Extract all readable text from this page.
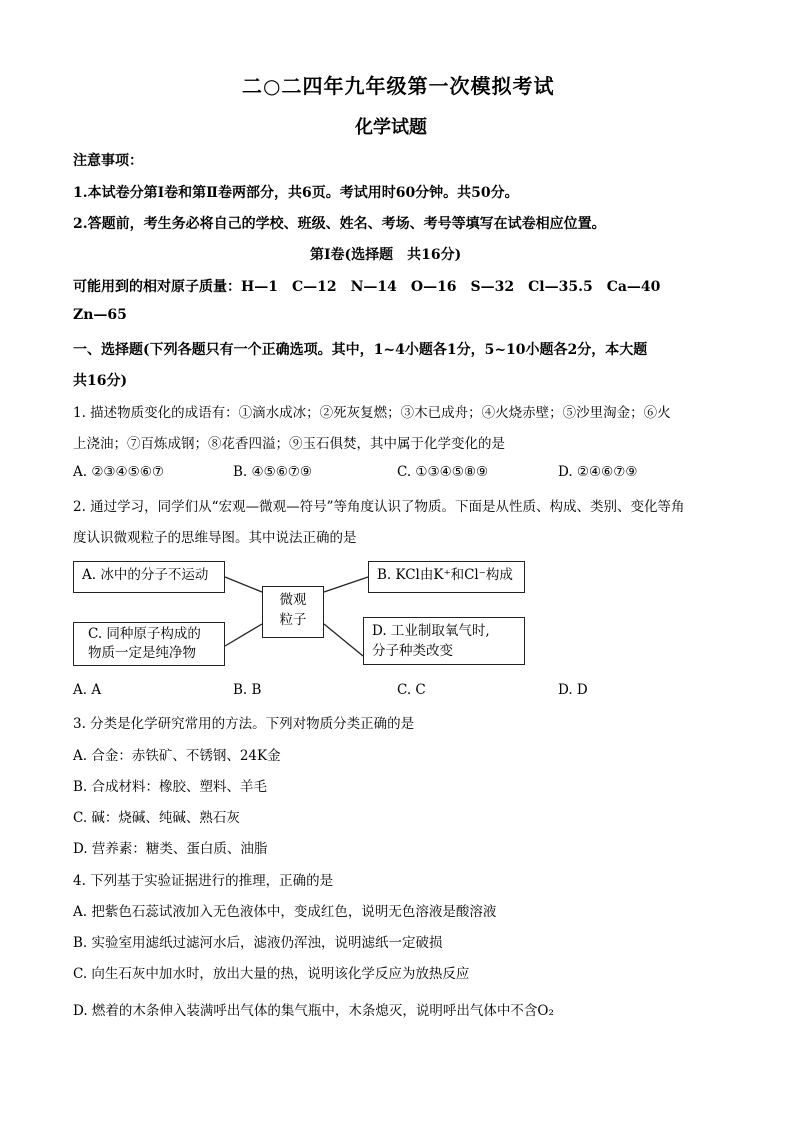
二○二四年九年级第一次模拟考试
化学试题
注意事项：
1.本试卷分第Ⅰ卷和第Ⅱ卷两部分，共6页。考试用时60分钟。共50分。
2.答题前，考生务必将自己的学校、班级、姓名、考场、考号等填写在试卷相应位置。
第Ⅰ卷(选择题　共16分)
可能用到的相对原子质量：H—1　C—12　N—14　O—16　S—32　Cl—35.5　Ca—40
Zn—65
一、选择题(下列各题只有一个正确选项。其中，1~4小题各1分，5~10小题各2分，本大题
共16分)
1. 描述物质变化的成语有：①滴水成冰；②死灰复燃；③木已成舟；④火烧赤壁；⑤沙里淘金；⑥火
上浇油；⑦百炼成钢；⑧花香四溢；⑨玉石俱焚，其中属于化学变化的是
A. ②③④⑤⑥⑦	B. ④⑤⑥⑦⑨	C. ①③④⑤⑧⑨	D. ②④⑥⑦⑨
2. 通过学习，同学们从“宏观—微观—符号”等角度认识了物质。下面是从性质、构成、类别、变化等角
度认识微观粒子的思维导图。其中说法正确的是
A. 冰中的分子不运动
微观
粒子
B. KCl由K⁺和Cl⁻构成
C. 同种原子构成的
物质一定是纯净物
D. 工业制取氧气时,
分子种类改变
A. A	B. B	C. C	D. D
3. 分类是化学研究常用的方法。下列对物质分类正确的是
A. 合金：赤铁矿、不锈钢、24K金
B. 合成材料：橡胶、塑料、羊毛
C. 碱：烧碱、纯碱、熟石灰
D. 营养素：糖类、蛋白质、油脂
4. 下列基于实验证据进行的推理，正确的是
A. 把紫色石蕊试液加入无色液体中，变成红色，说明无色溶液是酸溶液
B. 实验室用滤纸过滤河水后，滤液仍浑浊，说明滤纸一定破损
C. 向生石灰中加水时，放出大量的热，说明该化学反应为放热反应
D. 燃着的木条伸入装满呼出气体的集气瓶中，木条熄灭，说明呼出气体中不含O₂
